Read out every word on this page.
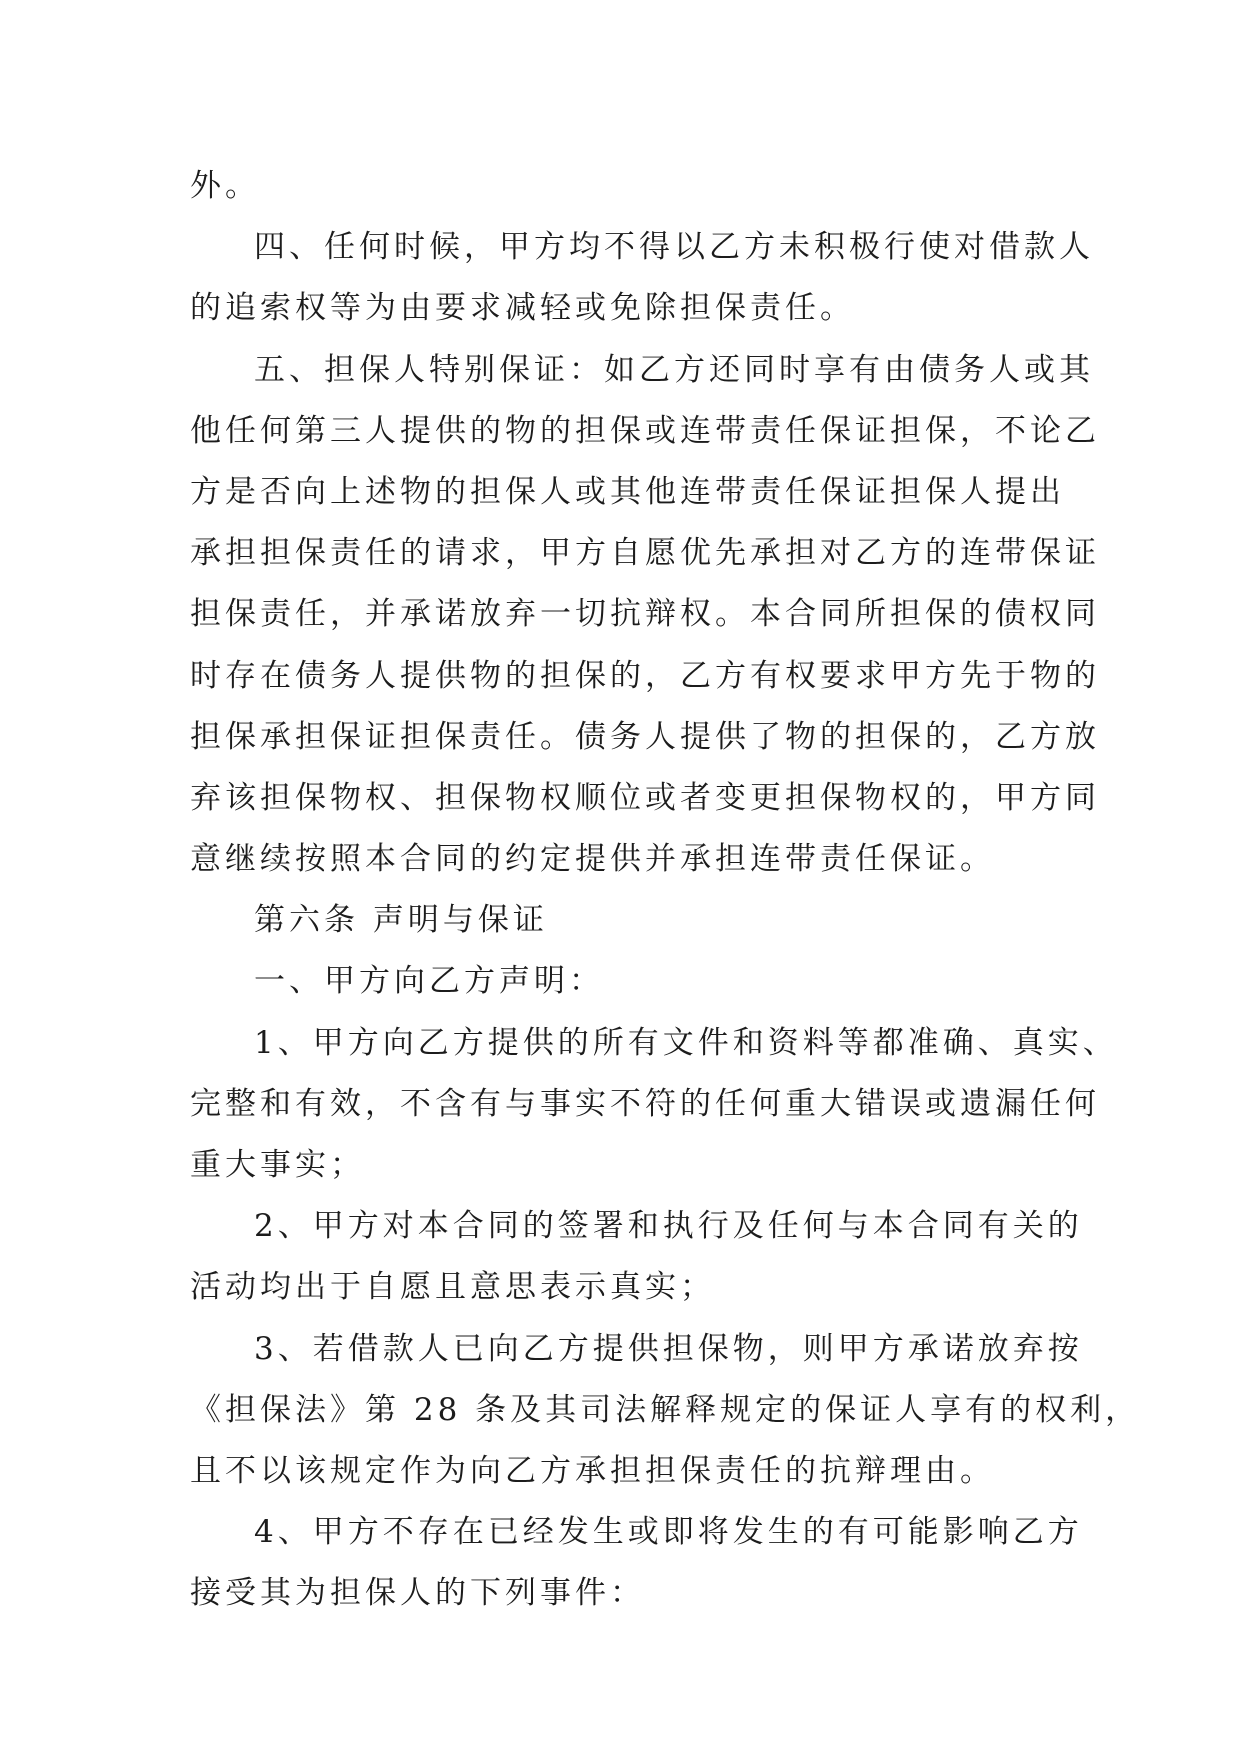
外。
四、任何时候，甲方均不得以乙方未积极行使对借款人
的追索权等为由要求减轻或免除担保责任。
五、担保人特别保证：如乙方还同时享有由债务人或其
他任何第三人提供的物的担保或连带责任保证担保，不论乙
方是否向上述物的担保人或其他连带责任保证担保人提出
承担担保责任的请求，甲方自愿优先承担对乙方的连带保证
担保责任，并承诺放弃一切抗辩权。本合同所担保的债权同
时存在债务人提供物的担保的，乙方有权要求甲方先于物的
担保承担保证担保责任。债务人提供了物的担保的，乙方放
弃该担保物权、担保物权顺位或者变更担保物权的，甲方同
意继续按照本合同的约定提供并承担连带责任保证。
第六条 声明与保证
一、甲方向乙方声明：
1、甲方向乙方提供的所有文件和资料等都准确、真实、
完整和有效，不含有与事实不符的任何重大错误或遗漏任何
重大事实；
2、甲方对本合同的签署和执行及任何与本合同有关的
活动均出于自愿且意思表示真实；
3、若借款人已向乙方提供担保物，则甲方承诺放弃按
《担保法》第 28 条及其司法解释规定的保证人享有的权利，
且不以该规定作为向乙方承担担保责任的抗辩理由。
4、甲方不存在已经发生或即将发生的有可能影响乙方
接受其为担保人的下列事件：
